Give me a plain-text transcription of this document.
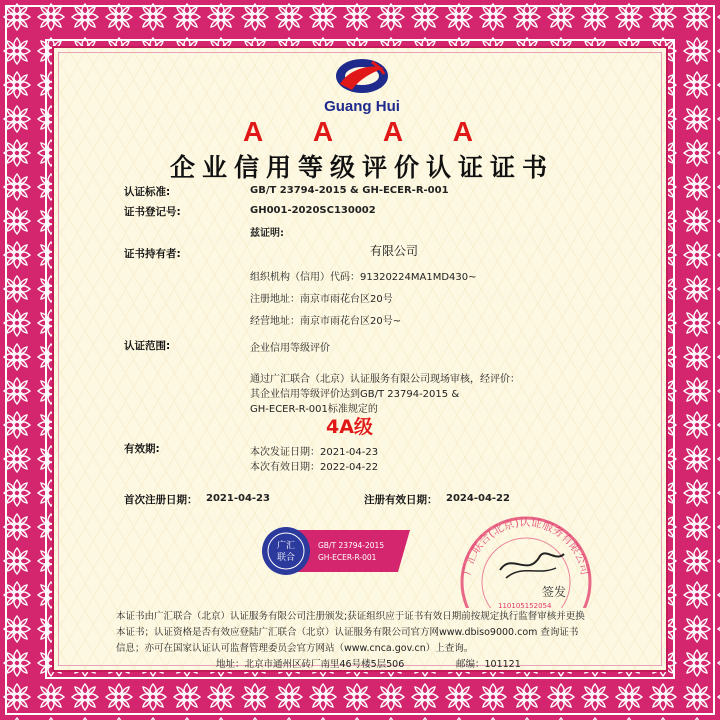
Guang Hui
A A A A
企业信用等级评价认证证书
认证标准:	GB/T 23794-2015 & GH-ECER-R-001
证书登记号:	GH001-2020SC130002
兹证明:
证书持有者:	有限公司
组织机构（信用）代码：91320224MA1MD430~
注册地址：南京市雨花台区20号
经营地址：南京市雨花台区20号~
认证范围:	企业信用等级评价
通过广汇联合（北京）认证服务有限公司现场审核，经评价：
其企业信用等级评价达到GB/T 23794-2015 &
GH-ECER-R-001标准规定的
4A级
有效期:	本次发证日期：2021-04-23
本次有效日期：2022-04-22
首次注册日期： 2021-04-23	注册有效日期： 2024-04-22
广汇
联合
GB/T 23794-2015
GH-ECER-R-001
广汇联合(北京)认证服务有限公司
签发
110105152054
本证书由广汇联合（北京）认证服务有限公司注册颁发;获证组织应于证书有效日期前按规定执行监督审核并更换
本证书；认证资格是否有效应登陆广汇联合（北京）认证服务有限公司官方网www.dbiso9000.com 查询证书
信息；亦可在国家认证认可监督管理委员会官方网站（www.cnca.gov.cn）上查询。
地址：北京市通州区砖厂南里46号楼5层506	邮编：101121
